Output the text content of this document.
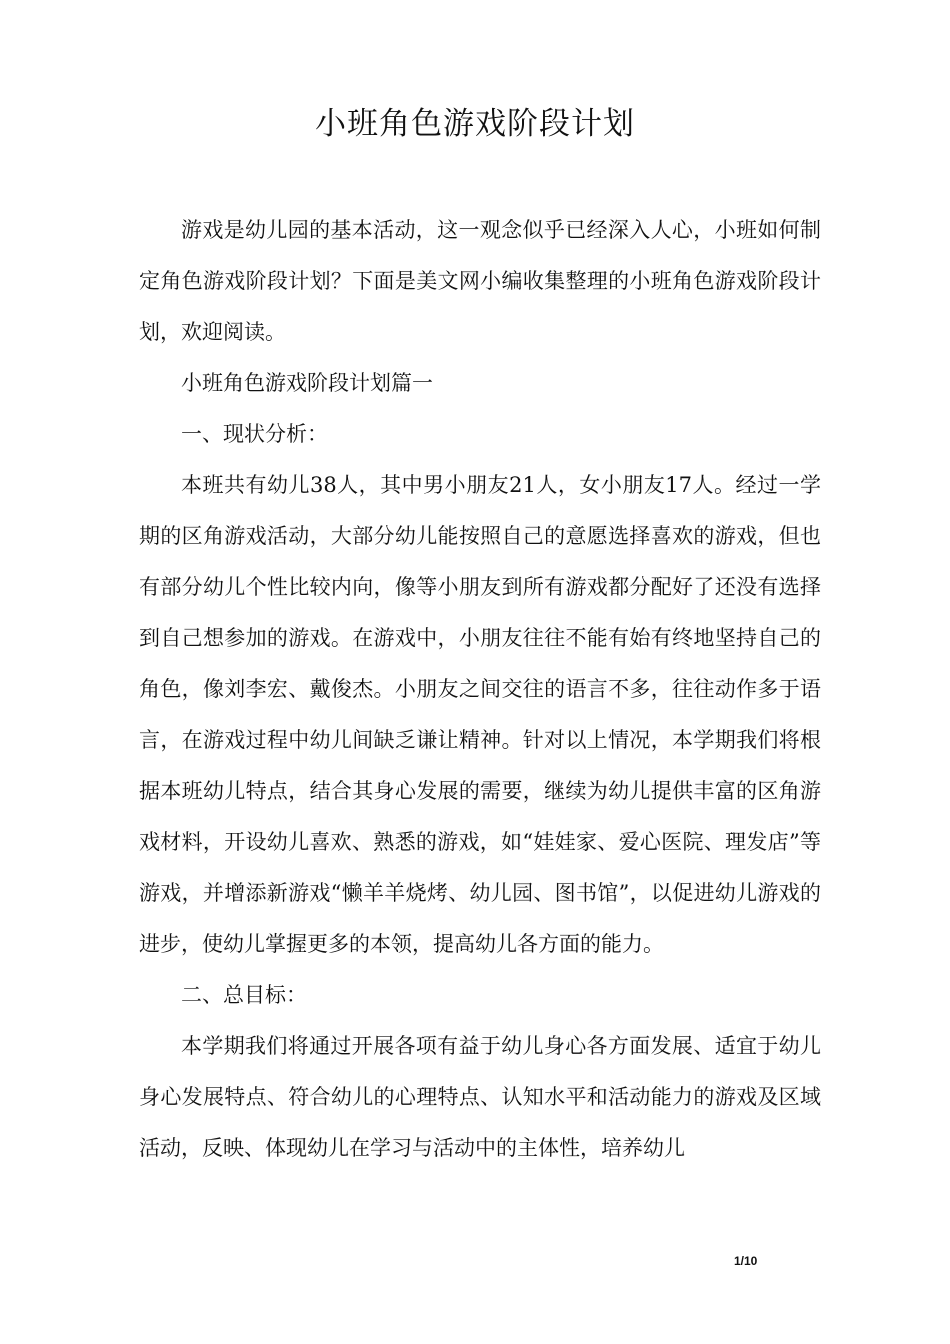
小班角色游戏阶段计划

游戏是幼儿园的基本活动，这一观念似乎已经深入人心，小班如何制定角色游戏阶段计划？下面是美文网小编收集整理的小班角色游戏阶段计划，欢迎阅读。

小班角色游戏阶段计划篇一

一、现状分析：

本班共有幼儿38人，其中男小朋友21人，女小朋友17人。经过一学期的区角游戏活动，大部分幼儿能按照自己的意愿选择喜欢的游戏，但也有部分幼儿个性比较内向，像等小朋友到所有游戏都分配好了还没有选择到自己想参加的游戏。在游戏中，小朋友往往不能有始有终地坚持自己的角色，像刘李宏、戴俊杰。小朋友之间交往的语言不多，往往动作多于语言，在游戏过程中幼儿间缺乏谦让精神。针对以上情况，本学期我们将根据本班幼儿特点，结合其身心发展的需要，继续为幼儿提供丰富的区角游戏材料，开设幼儿喜欢、熟悉的游戏，如“娃娃家、爱心医院、理发店”等游戏，并增添新游戏“懒羊羊烧烤、幼儿园、图书馆”，以促进幼儿游戏的进步，使幼儿掌握更多的本领，提高幼儿各方面的能力。

二、总目标：

本学期我们将通过开展各项有益于幼儿身心各方面发展、适宜于幼儿身心发展特点、符合幼儿的心理特点、认知水平和活动能力的游戏及区域活动，反映、体现幼儿在学习与活动中的主体性，培养幼儿

1/10
